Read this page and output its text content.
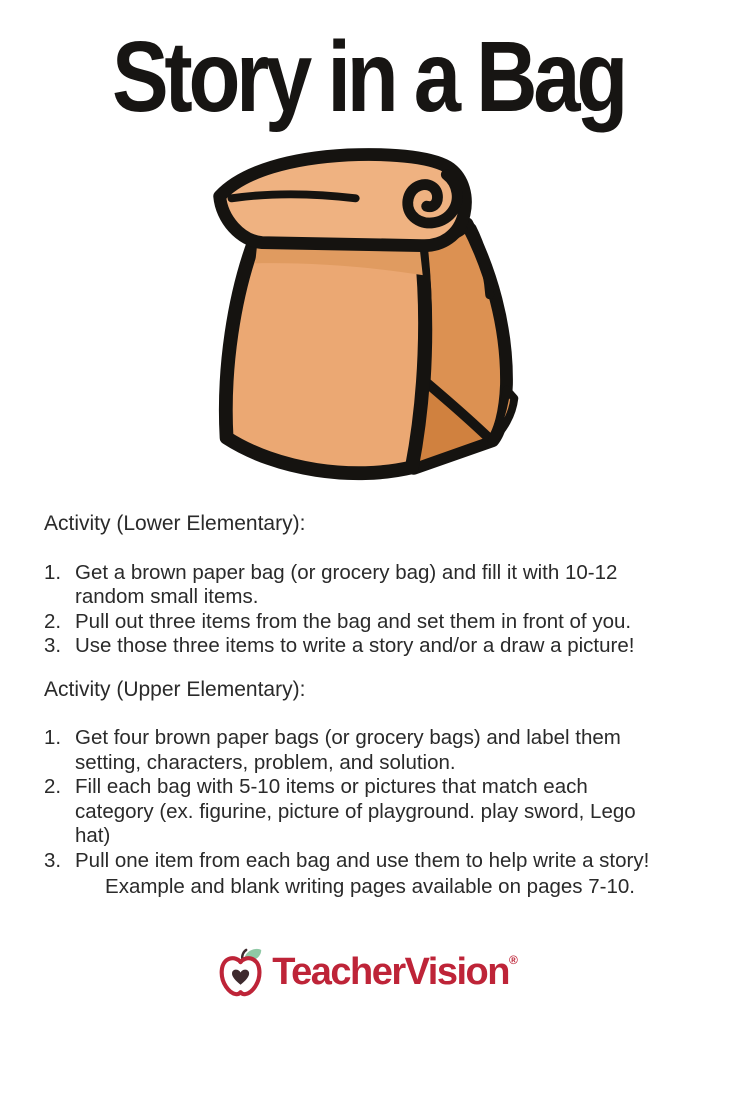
Story in a Bag
Activity (Lower Elementary):
1. Get a brown paper bag (or grocery bag) and fill it with 10-12 random small items.
2. Pull out three items from the bag and set them in front of you.
3. Use those three items to write a story and/or a draw a picture!
Activity (Upper Elementary):
1. Get four brown paper bags (or grocery bags) and label them setting, characters, problem, and solution.
2. Fill each bag with 5-10 items or pictures that match each category (ex. figurine, picture of playground. play sword, Lego hat)
3. Pull one item from each bag and use them to help write a story!
Example and blank writing pages available on pages 7-10.
TeacherVision®
